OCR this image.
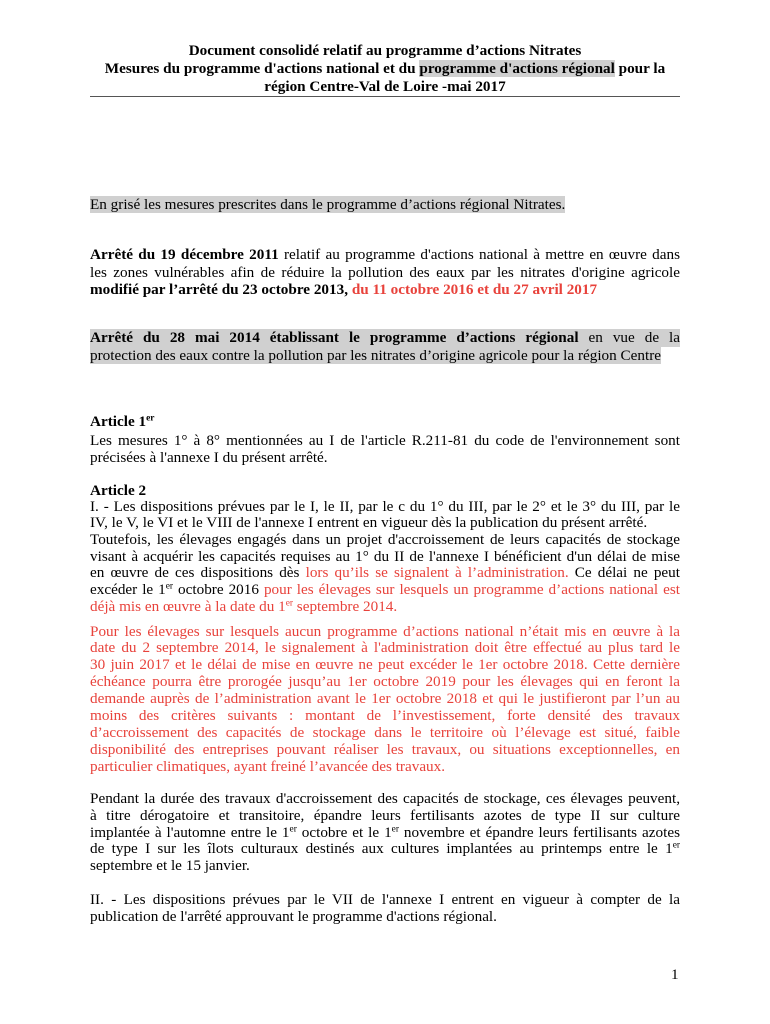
Document consolidé relatif au programme d’actions Nitrates
Mesures du programme d'actions national et du programme d'actions régional pour la
région Centre-Val de Loire -mai 2017
En grisé les mesures prescrites dans le programme d’actions régional Nitrates.
Arrêté du 19 décembre 2011 relatif au programme d'actions national à mettre en œuvre dans
les zones vulnérables afin de réduire la pollution des eaux par les nitrates d'origine agricole
modifié par l’arrêté du 23 octobre 2013, du 11 octobre 2016 et du 27 avril 2017
Arrêté du 28 mai 2014 établissant le programme d’actions régional en vue de la
protection des eaux contre la pollution par les nitrates d’origine agricole pour la région Centre
Article 1er
Les mesures 1° à 8° mentionnées au I de l'article R.211-81 du code de l'environnement sont
précisées à l'annexe I du présent arrêté.
Article 2
I. - Les dispositions prévues par le I, le II, par le c du 1° du III, par le 2° et le 3° du III, par le
IV, le V, le VI et le VIII de l'annexe I entrent en vigueur dès la publication du présent arrêté.
Toutefois, les élevages engagés dans un projet d'accroissement de leurs capacités de stockage
visant à acquérir les capacités requises au 1° du II de l'annexe I bénéficient d'un délai de mise
en œuvre de ces dispositions dès lors qu’ils se signalent à l’administration. Ce délai ne peut
excéder le 1er octobre 2016 pour les élevages sur lesquels un programme d’actions national est
déjà mis en œuvre à la date du 1er septembre 2014.
Pour les élevages sur lesquels aucun programme d’actions national n’était mis en œuvre à la
date du 2 septembre 2014, le signalement à l'administration doit être effectué au plus tard le
30 juin 2017 et le délai de mise en œuvre ne peut excéder le 1er octobre 2018. Cette dernière
échéance pourra être prorogée jusqu’au 1er octobre 2019 pour les élevages qui en feront la
demande auprès de l’administration avant le 1er octobre 2018 et qui le justifieront par l’un au
moins des critères suivants : montant de l’investissement, forte densité des travaux
d’accroissement des capacités de stockage dans le territoire où l’élevage est situé, faible
disponibilité des entreprises pouvant réaliser les travaux, ou situations exceptionnelles, en
particulier climatiques, ayant freiné l’avancée des travaux.
Pendant la durée des travaux d'accroissement des capacités de stockage, ces élevages peuvent,
à titre dérogatoire et transitoire, épandre leurs fertilisants azotes de type II sur culture
implantée à l'automne entre le 1er octobre et le 1er novembre et épandre leurs fertilisants azotes
de type I sur les îlots culturaux destinés aux cultures implantées au printemps entre le 1er
septembre et le 15 janvier.
II. - Les dispositions prévues par le VII de l'annexe I entrent en vigueur à compter de la
publication de l'arrêté approuvant le programme d'actions régional.
1
